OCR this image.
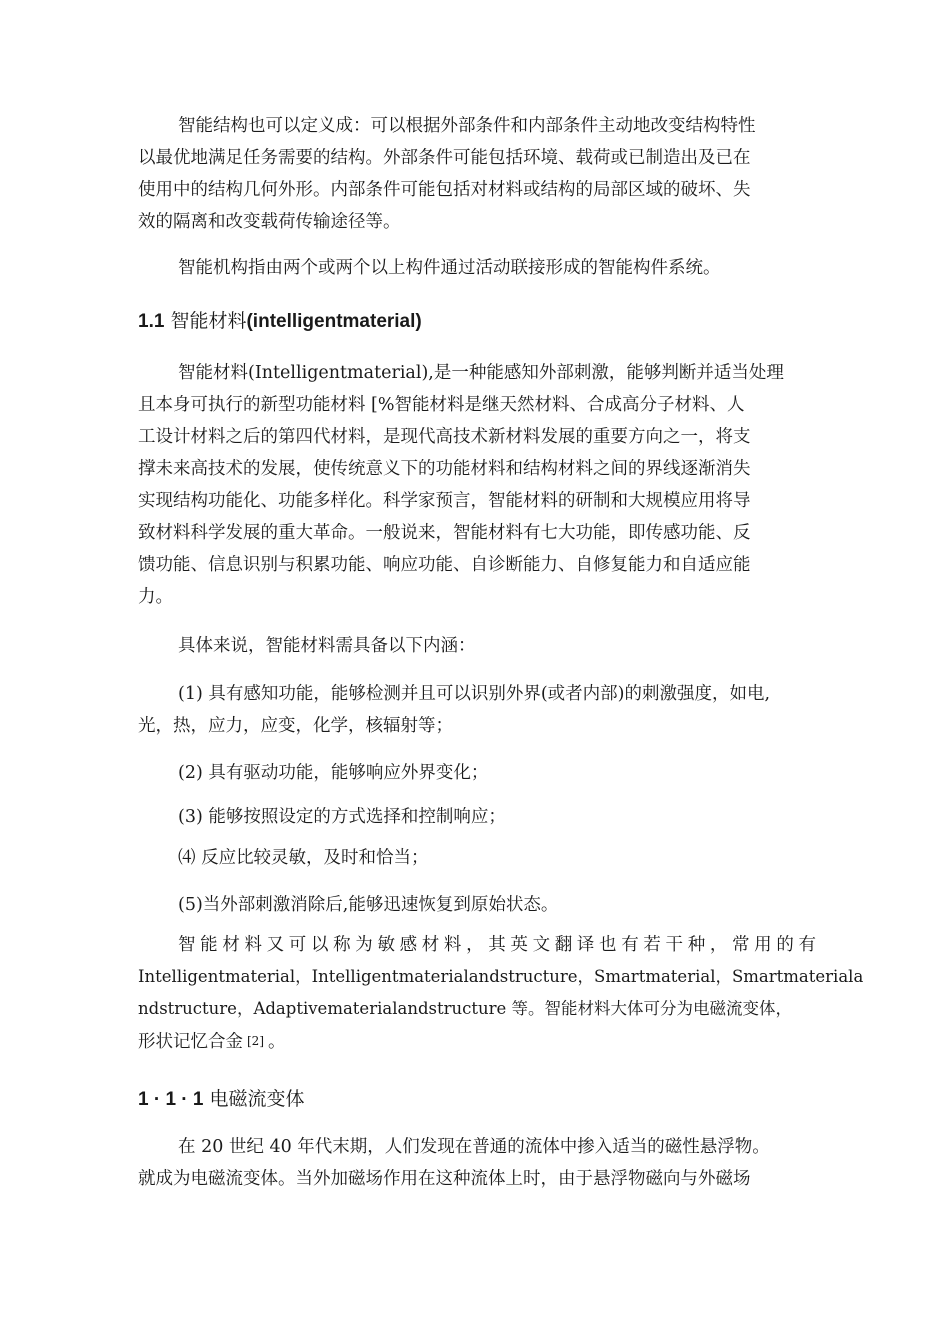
智能结构也可以定义成：可以根据外部条件和内部条件主动地改变结构特性
以最优地满足任务需要的结构。外部条件可能包括环境、载荷或已制造出及已在
使用中的结构几何外形。内部条件可能包括对材料或结构的局部区域的破坏、失
效的隔离和改变载荷传输途径等。
智能机构指由两个或两个以上构件通过活动联接形成的智能构件系统。
1.1 智能材料(intelligentmaterial)
智能材料(Intelligentmaterial),是一种能感知外部刺激，能够判断并适当处理
且本身可执行的新型功能材料 [%智能材料是继天然材料、合成高分子材料、人
工设计材料之后的第四代材料，是现代高技术新材料发展的重要方向之一，将支
撑未来高技术的发展，使传统意义下的功能材料和结构材料之间的界线逐渐消失
实现结构功能化、功能多样化。科学家预言，智能材料的研制和大规模应用将导
致材料科学发展的重大革命。一般说来，智能材料有七大功能，即传感功能、反
馈功能、信息识别与积累功能、响应功能、自诊断能力、自修复能力和自适应能
力。
具体来说，智能材料需具备以下内涵：
(1) 具有感知功能，能够检测并且可以识别外界(或者内部)的刺激强度，如电,
光，热，应力，应变，化学，核辐射等；
(2) 具有驱动功能，能够响应外界变化；
(3) 能够按照设定的方式选择和控制响应；
⑷ 反应比较灵敏，及时和恰当；
(5)当外部刺激消除后,能够迅速恢复到原始状态。
智能材料又可以称为敏感材料，其英文翻译也有若干种，常用的有
Intelligentmaterial，Intelligentmaterialandstructure，Smartmaterial，Smartmateriala
ndstructure，Adaptivematerialandstructure 等。智能材料大体可分为电磁流变体，
形状记忆合金 [2] 。
1 · 1 · 1 电磁流变体
在 20 世纪 40 年代末期，人们发现在普通的流体中掺入适当的磁性悬浮物。
就成为电磁流变体。当外加磁场作用在这种流体上时，由于悬浮物磁向与外磁场
